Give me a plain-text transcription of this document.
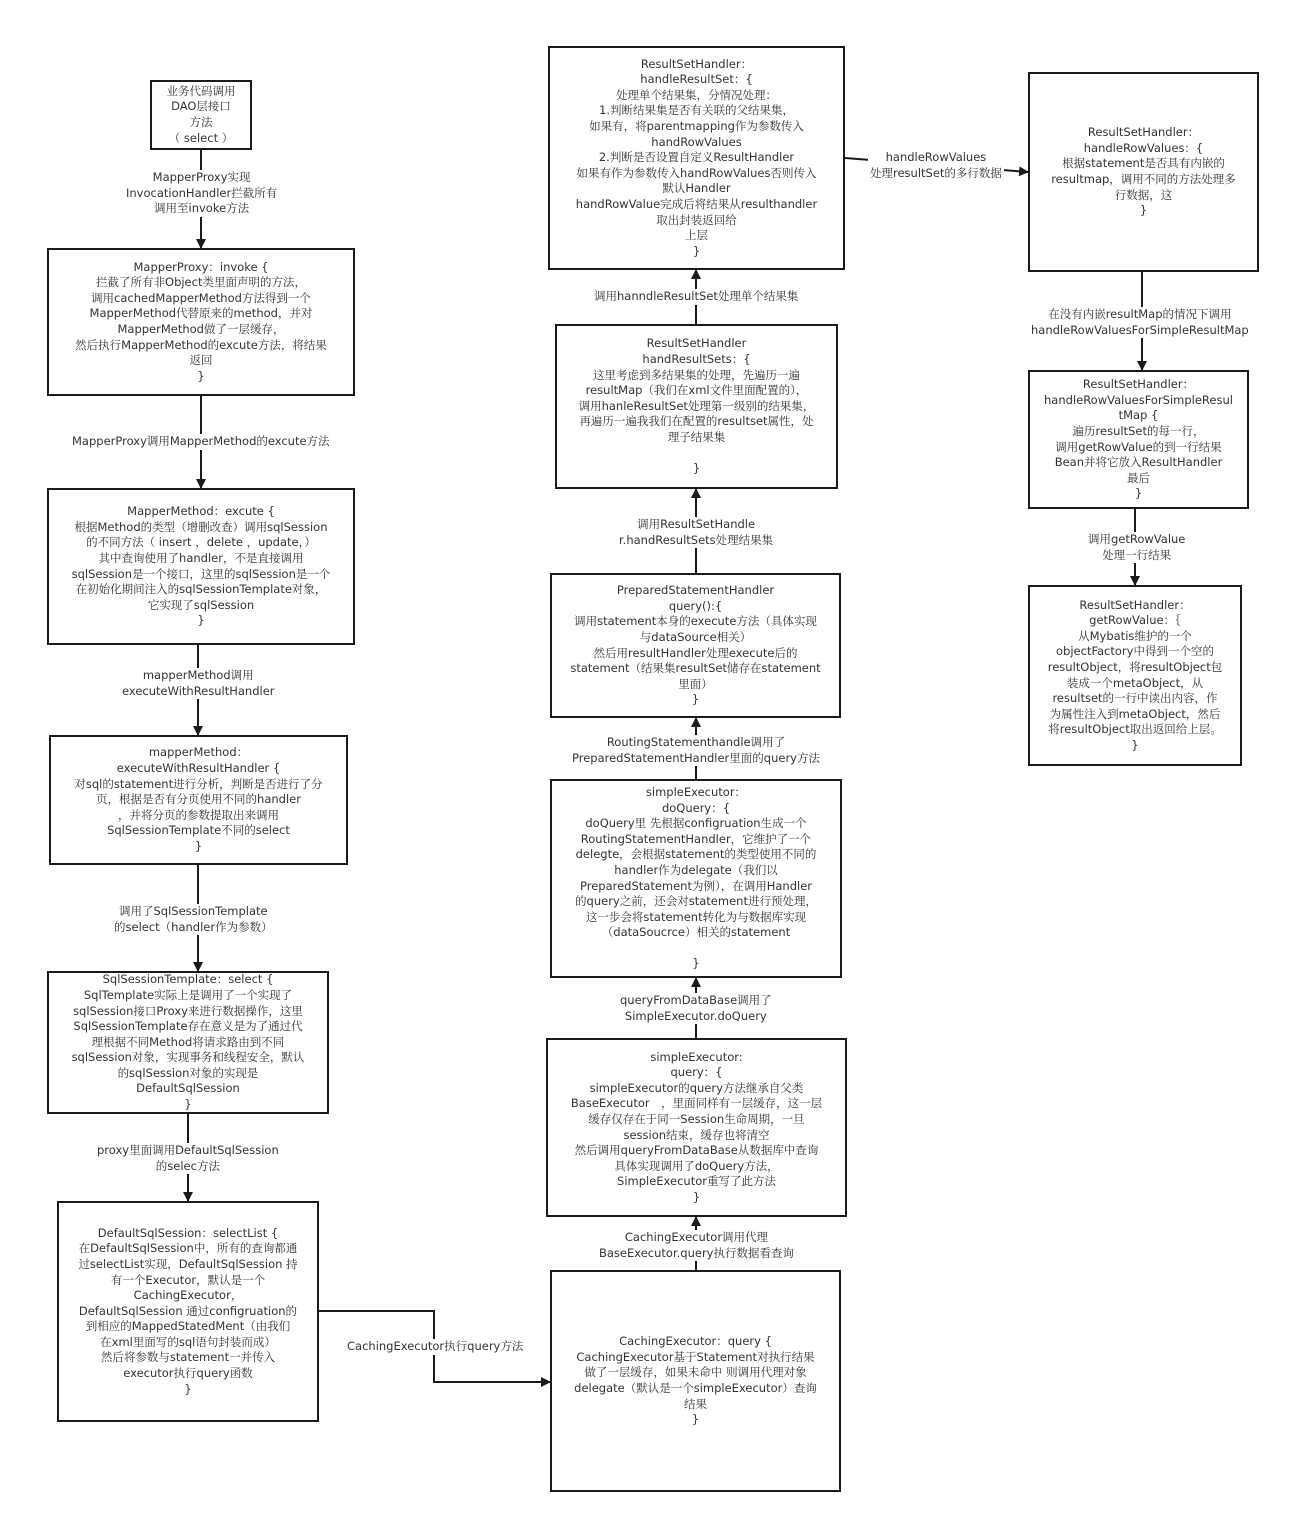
业务代码调用
DAO层接口
方法
（ select ）
MapperProxy：invoke {
拦截了所有非Object类里面声明的方法，
调用cachedMapperMethod方法得到一个
MapperMethod代替原来的method，并对
MapperMethod做了一层缓存，
然后执行MapperMethod的excute方法，将结果
返回
}
MapperMethod：excute {
根据Method的类型（增删改查）调用sqlSession
的不同方法（ insert ，delete ，update，）
其中查询使用了handler，不是直接调用
sqlSession是一个接口，这里的sqlSession是一个
在初始化期间注入的sqlSessionTemplate对象，
它实现了sqlSession
}
mapperMethod：
executeWithResultHandler {
对sql的statement进行分析，判断是否进行了分
页，根据是否有分页使用不同的handler
，并将分页的参数提取出来调用
SqlSessionTemplate不同的select
}
SqlSessionTemplate：select {
SqlTemplate实际上是调用了一个实现了
sqlSession接口Proxy来进行数据操作，这里
SqlSessionTemplate存在意义是为了通过代
理根据不同Method将请求路由到不同
sqlSession对象，实现事务和线程安全，默认
的sqlSession对象的实现是
DefaultSqlSession
}
DefaultSqlSession：selectList {
在DefaultSqlSession中，所有的查询都通
过selectList实现，DefaultSqlSession 持
有一个Executor，默认是一个
CachingExecutor，
DefaultSqlSession 通过configruation的
到相应的MappedStatedMent（由我们
在xml里面写的sql语句封装而成）
然后将参数与statement一并传入
executor执行query函数
}
CachingExecutor：query {
CachingExecutor基于Statement对执行结果
做了一层缓存，如果未命中 则调用代理对象
delegate（默认是一个simpleExecutor）查询
结果
}
simpleExecutor:
query：{
simpleExecutor的query方法继承自父类
BaseExecutor　，里面同样有一层缓存，这一层
缓存仅存在于同一Session生命周期，一旦
session结束，缓存也将清空
然后调用queryFromDataBase从数据库中查询
具体实现调用了doQuery方法，
SimpleExecutor重写了此方法
}
simpleExecutor：
doQuery：{
doQuery里 先根据configruation生成一个
RoutingStatementHandler，它维护了一个
delegte，会根据statement的类型使用不同的
handler作为delegate（我们以
PreparedStatement为例），在调用Handler
的query之前，还会对statement进行预处理，
这一步会将statement转化为与数据库实现
（dataSoucrce）相关的statement

}
PreparedStatementHandler
query():{
调用statement本身的execute方法（具体实现
与dataSource相关）
然后用resultHandler处理execute后的
statement（结果集resultSet储存在statement
里面）
}
ResultSetHandler
handResultSets：{
这里考虑到多结果集的处理，先遍历一遍
resultMap（我们在xml文件里面配置的），
调用hanleResultSet处理第一级别的结果集，
再遍历一遍我我们在配置的resultset属性，处
理子结果集

}
ResultSetHandler：
handleResultSet：{
处理单个结果集，分情况处理：
1.判断结果集是否有关联的父结果集，
如果有，将parentmapping作为参数传入
handRowValues
2.判断是否设置自定义ResultHandler
如果有作为参数传入handRowValues否则传入
默认Handler
handRowValue完成后将结果从resulthandler
取出封装返回给
上层
}
ResultSetHandler：
handleRowValues：{
根据statement是否具有内嵌的
resultmap，调用不同的方法处理多
行数据，这
}
ResultSetHandler：
handleRowValuesForSimpleResul
tMap {
遍历resultSet的每一行，
调用getRowValue的到一行结果
Bean并将它放入ResultHandler
最后
}
ResultSetHandler：
getRowValue：｛
从Mybatis维护的一个
objectFactory中得到一个空的
resultObject，将resultObject包
装成一个metaObject，从
resultset的一行中读出内容，作
为属性注入到metaObject，然后
将resultObject取出返回给上层。
}
MapperProxy实现
InvocationHandler拦截所有
调用至invoke方法
MapperProxy调用MapperMethod的excute方法
mapperMethod调用
executeWithResultHandler
调用了SqlSessionTemplate
的select（handler作为参数）
proxy里面调用DefaultSqlSession
的selec方法
CachingExecutor执行query方法
CachingExecutor调用代理
BaseExecutor.query执行数据看查询
queryFromDataBase调用了
SimpleExecutor.doQuery
RoutingStatementhandle调用了
PreparedStatementHandler里面的query方法
调用ResultSetHandle
r.handResultSets处理结果集
调用hanndleResultSet处理单个结果集
handleRowValues
处理resultSet的多行数据
在没有内嵌resultMap的情况下调用
handleRowValuesForSimpleResultMap
调用getRowValue
处理一行结果
